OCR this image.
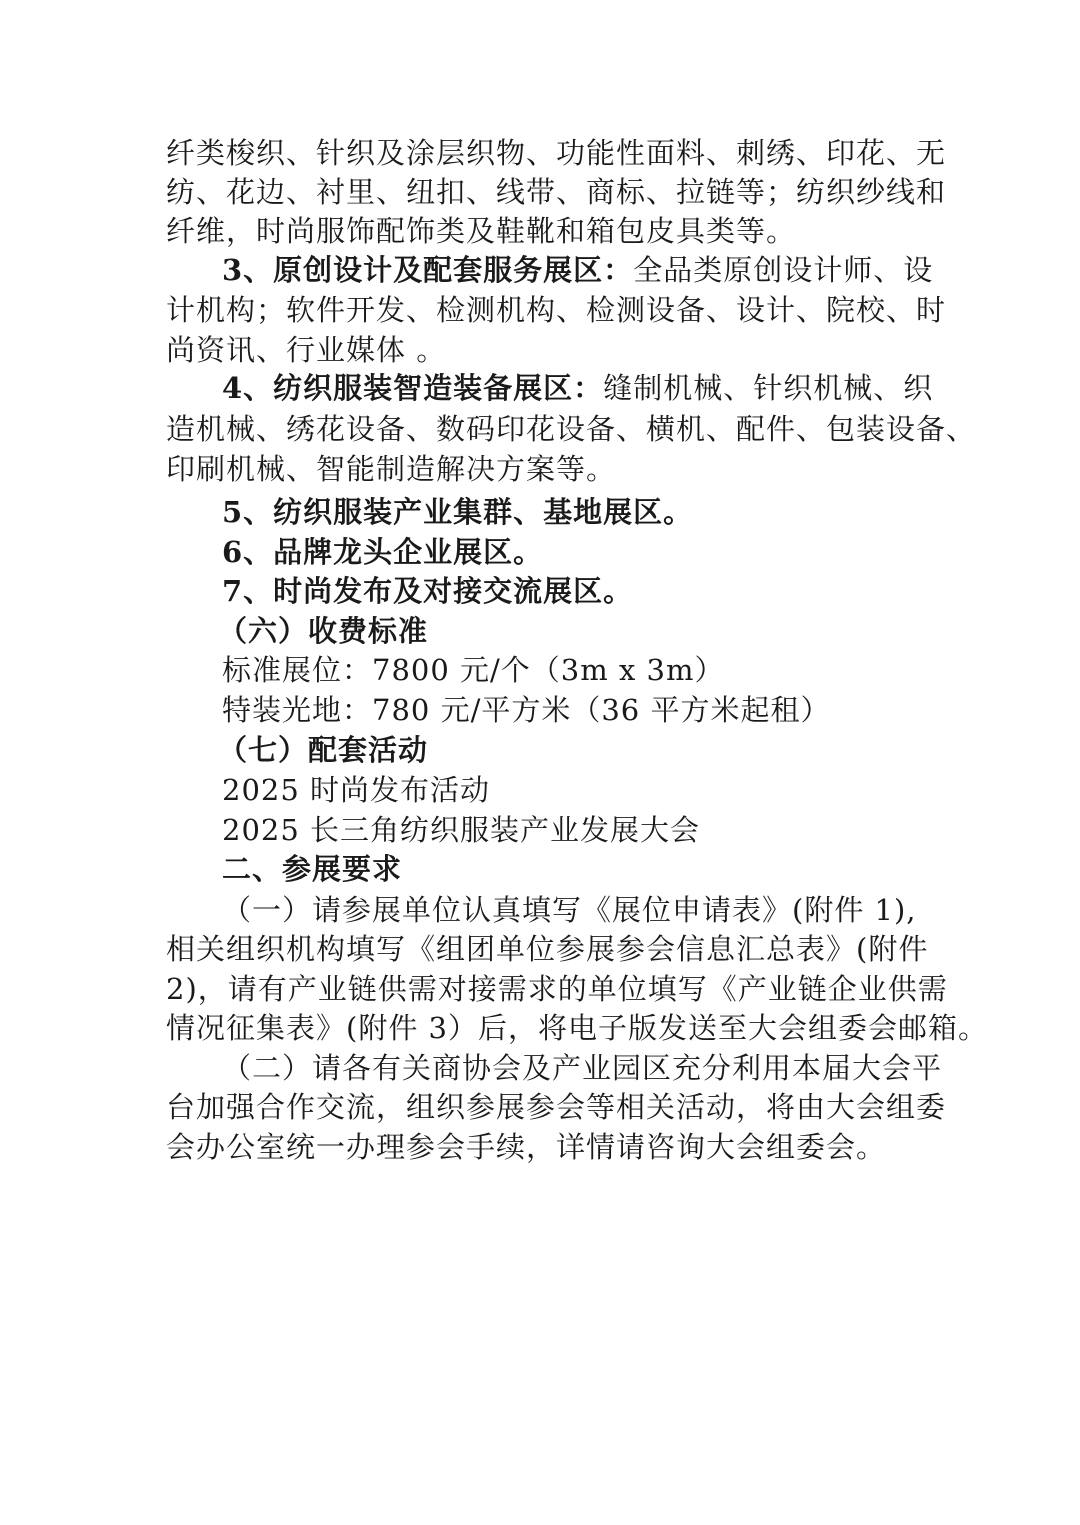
纤类梭织、针织及涂层织物、功能性面料、刺绣、印花、无
纺、花边、衬里、纽扣、线带、商标、拉链等；纺织纱线和
纤维，时尚服饰配饰类及鞋靴和箱包皮具类等。
3、原创设计及配套服务展区：全品类原创设计师、设
计机构；软件开发、检测机构、检测设备、设计、院校、时
尚资讯、行业媒体 。
4、纺织服装智造装备展区：缝制机械、针织机械、织
造机械、绣花设备、数码印花设备、横机、配件、包装设备、
印刷机械、智能制造解决方案等。
5、纺织服装产业集群、基地展区。
6、品牌龙头企业展区。
7、时尚发布及对接交流展区。
（六）收费标准
标准展位：7800 元/个（3m x 3m）
特装光地：780 元/平方米（36 平方米起租）
（七）配套活动
2025 时尚发布活动
2025 长三角纺织服装产业发展大会
二、参展要求
（一）请参展单位认真填写《展位申请表》(附件 1),
相关组织机构填写《组团单位参展参会信息汇总表》(附件
2)，请有产业链供需对接需求的单位填写《产业链企业供需
情况征集表》(附件 3）后，将电子版发送至大会组委会邮箱。
（二）请各有关商协会及产业园区充分利用本届大会平
台加强合作交流，组织参展参会等相关活动，将由大会组委
会办公室统一办理参会手续，详情请咨询大会组委会。
